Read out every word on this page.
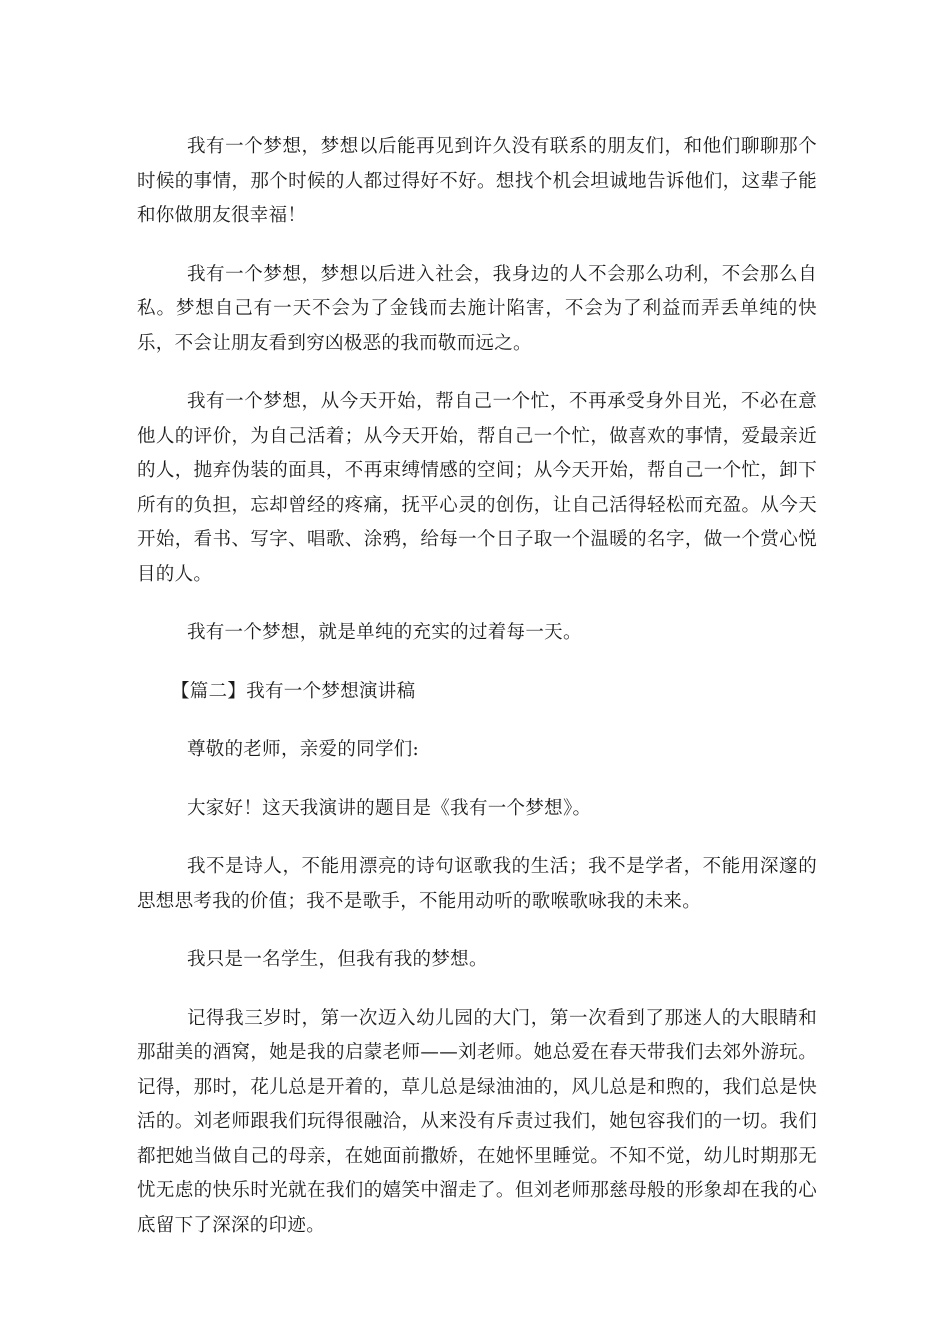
我有一个梦想，梦想以后能再见到许久没有联系的朋友们，和他们聊聊那个时候的事情，那个时候的人都过得好不好。想找个机会坦诚地告诉他们，这辈子能和你做朋友很幸福！

我有一个梦想，梦想以后进入社会，我身边的人不会那么功利，不会那么自私。梦想自己有一天不会为了金钱而去施计陷害，不会为了利益而弄丢单纯的快乐，不会让朋友看到穷凶极恶的我而敬而远之。

我有一个梦想，从今天开始，帮自己一个忙，不再承受身外目光，不必在意他人的评价，为自己活着；从今天开始，帮自己一个忙，做喜欢的事情，爱最亲近的人，抛弃伪装的面具，不再束缚情感的空间；从今天开始，帮自己一个忙，卸下所有的负担，忘却曾经的疼痛，抚平心灵的创伤，让自己活得轻松而充盈。从今天开始，看书、写字、唱歌、涂鸦，给每一个日子取一个温暖的名字，做一个赏心悦目的人。

我有一个梦想，就是单纯的充实的过着每一天。

【篇二】我有一个梦想演讲稿

尊敬的老师，亲爱的同学们:

大家好！这天我演讲的题目是《我有一个梦想》。

我不是诗人，不能用漂亮的诗句讴歌我的生活；我不是学者，不能用深邃的思想思考我的价值；我不是歌手，不能用动听的歌喉歌咏我的未来。

我只是一名学生，但我有我的梦想。

记得我三岁时，第一次迈入幼儿园的大门，第一次看到了那迷人的大眼睛和那甜美的酒窝，她是我的启蒙老师——刘老师。她总爱在春天带我们去郊外游玩。记得，那时，花儿总是开着的，草儿总是绿油油的，风儿总是和煦的，我们总是快活的。刘老师跟我们玩得很融洽，从来没有斥责过我们，她包容我们的一切。我们都把她当做自己的母亲，在她面前撒娇，在她怀里睡觉。不知不觉，幼儿时期那无忧无虑的快乐时光就在我们的嬉笑中溜走了。但刘老师那慈母般的形象却在我的心底留下了深深的印迹。
